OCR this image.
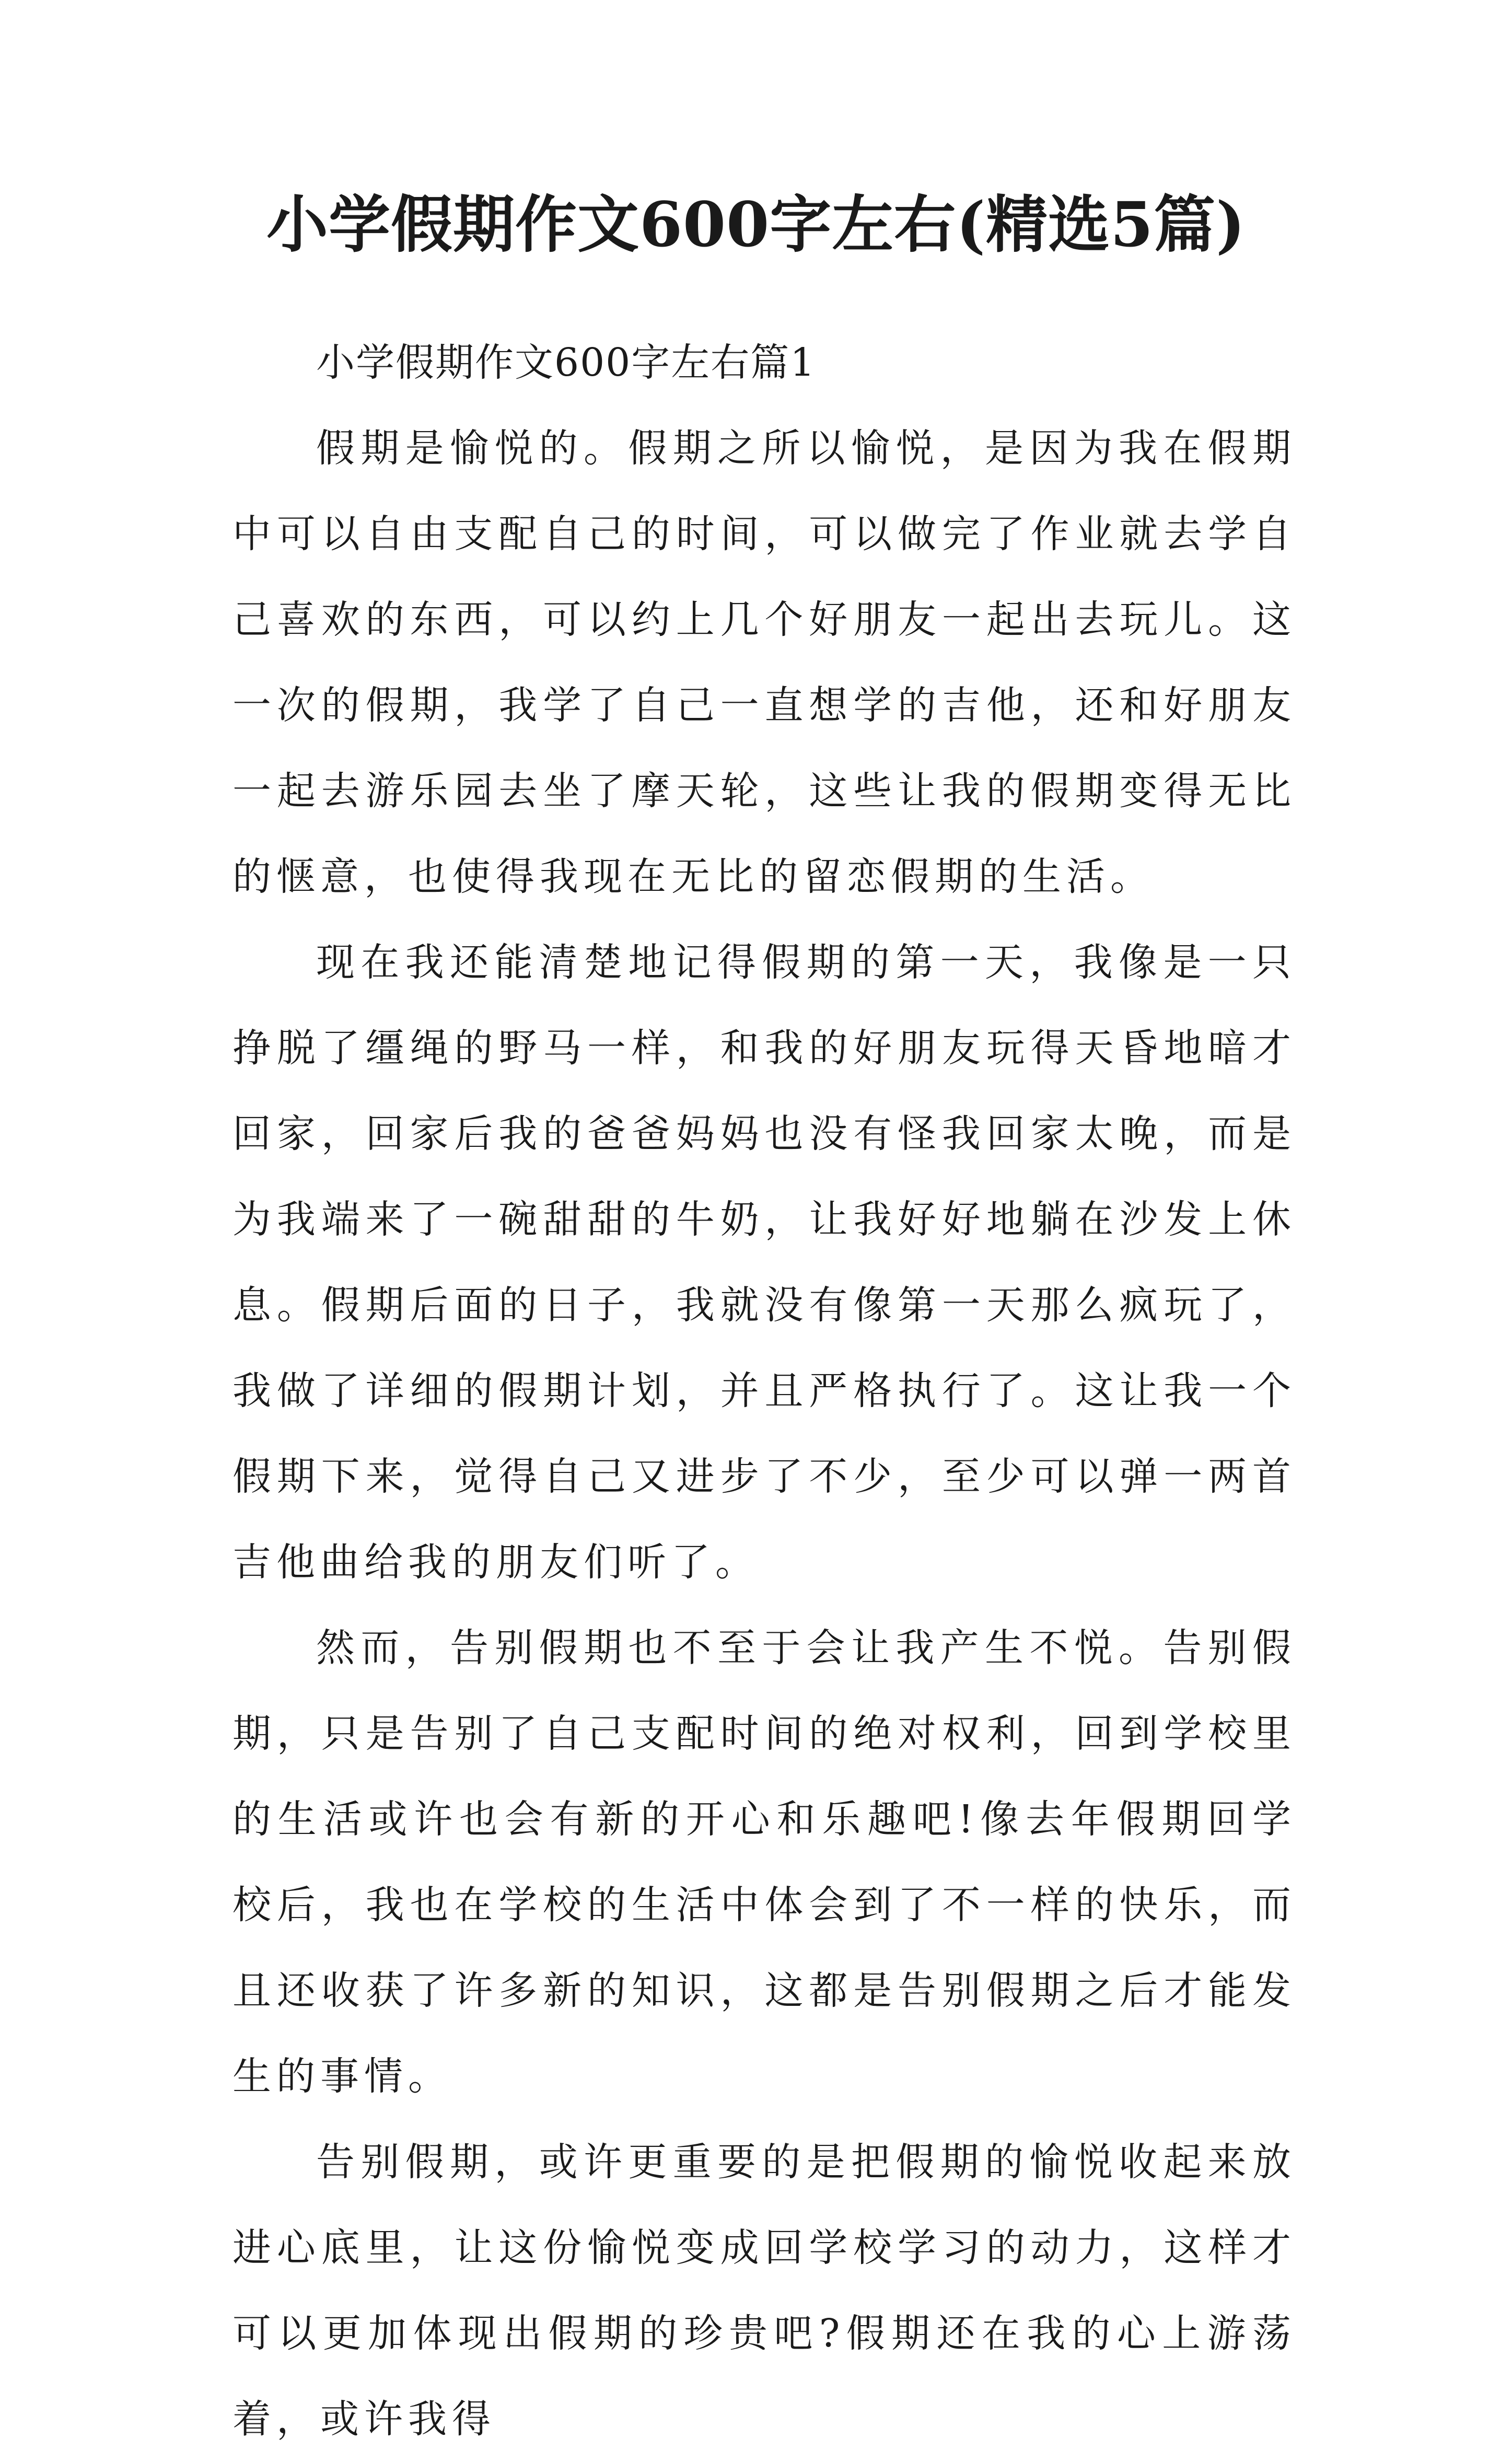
小学假期作文600字左右(精选5篇)

小学假期作文600字左右篇1

假期是愉悦的。假期之所以愉悦，是因为我在假期中可以自由支配自己的时间，可以做完了作业就去学自己喜欢的东西，可以约上几个好朋友一起出去玩儿。这一次的假期，我学了自己一直想学的吉他，还和好朋友一起去游乐园去坐了摩天轮，这些让我的假期变得无比的惬意，也使得我现在无比的留恋假期的生活。

现在我还能清楚地记得假期的第一天，我像是一只挣脱了缰绳的野马一样，和我的好朋友玩得天昏地暗才回家，回家后我的爸爸妈妈也没有怪我回家太晚，而是为我端来了一碗甜甜的牛奶，让我好好地躺在沙发上休息。假期后面的日子，我就没有像第一天那么疯玩了，我做了详细的假期计划，并且严格执行了。这让我一个假期下来，觉得自己又进步了不少，至少可以弹一两首吉他曲给我的朋友们听了。

然而，告别假期也不至于会让我产生不悦。告别假期，只是告别了自己支配时间的绝对权利，回到学校里的生活或许也会有新的开心和乐趣吧!像去年假期回学校后，我也在学校的生活中体会到了不一样的快乐，而且还收获了许多新的知识，这都是告别假期之后才能发生的事情。

告别假期，或许更重要的是把假期的愉悦收起来放进心底里，让这份愉悦变成回学校学习的动力，这样才可以更加体现出假期的珍贵吧?假期还在我的心上游荡着，或许我得
